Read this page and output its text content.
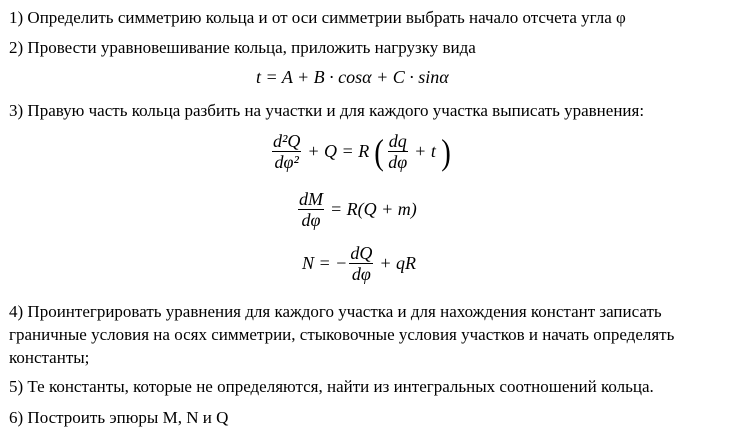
1) Определить симметрию кольца и от оси симметрии выбрать начало отсчета угла φ
2) Провести уравновешивание кольца, приложить нагрузку вида
t = A + B · cosα + C · sinα
3) Правую часть кольца разбить на участки и для каждого участка выписать уравнения:
$\frac{\text{d²Q}}{\text{dφ²}} + Q = R$ ( $\frac{dq}{d\varphi} + t$ )
$\frac{dM}{d\varphi} = R(Q + m)$
N = − $\frac{dQ}{d\varphi}$ + qR
4) Проинтегрировать уравнения для каждого участка и для нахождения констант записать граничные условия на осях симметрии, стыковочные условия участков и начать определять константы;
5) Те константы, которые не определяются, найти из интегральных соотношений кольца.
6) Построить эпюры M, N и Q
